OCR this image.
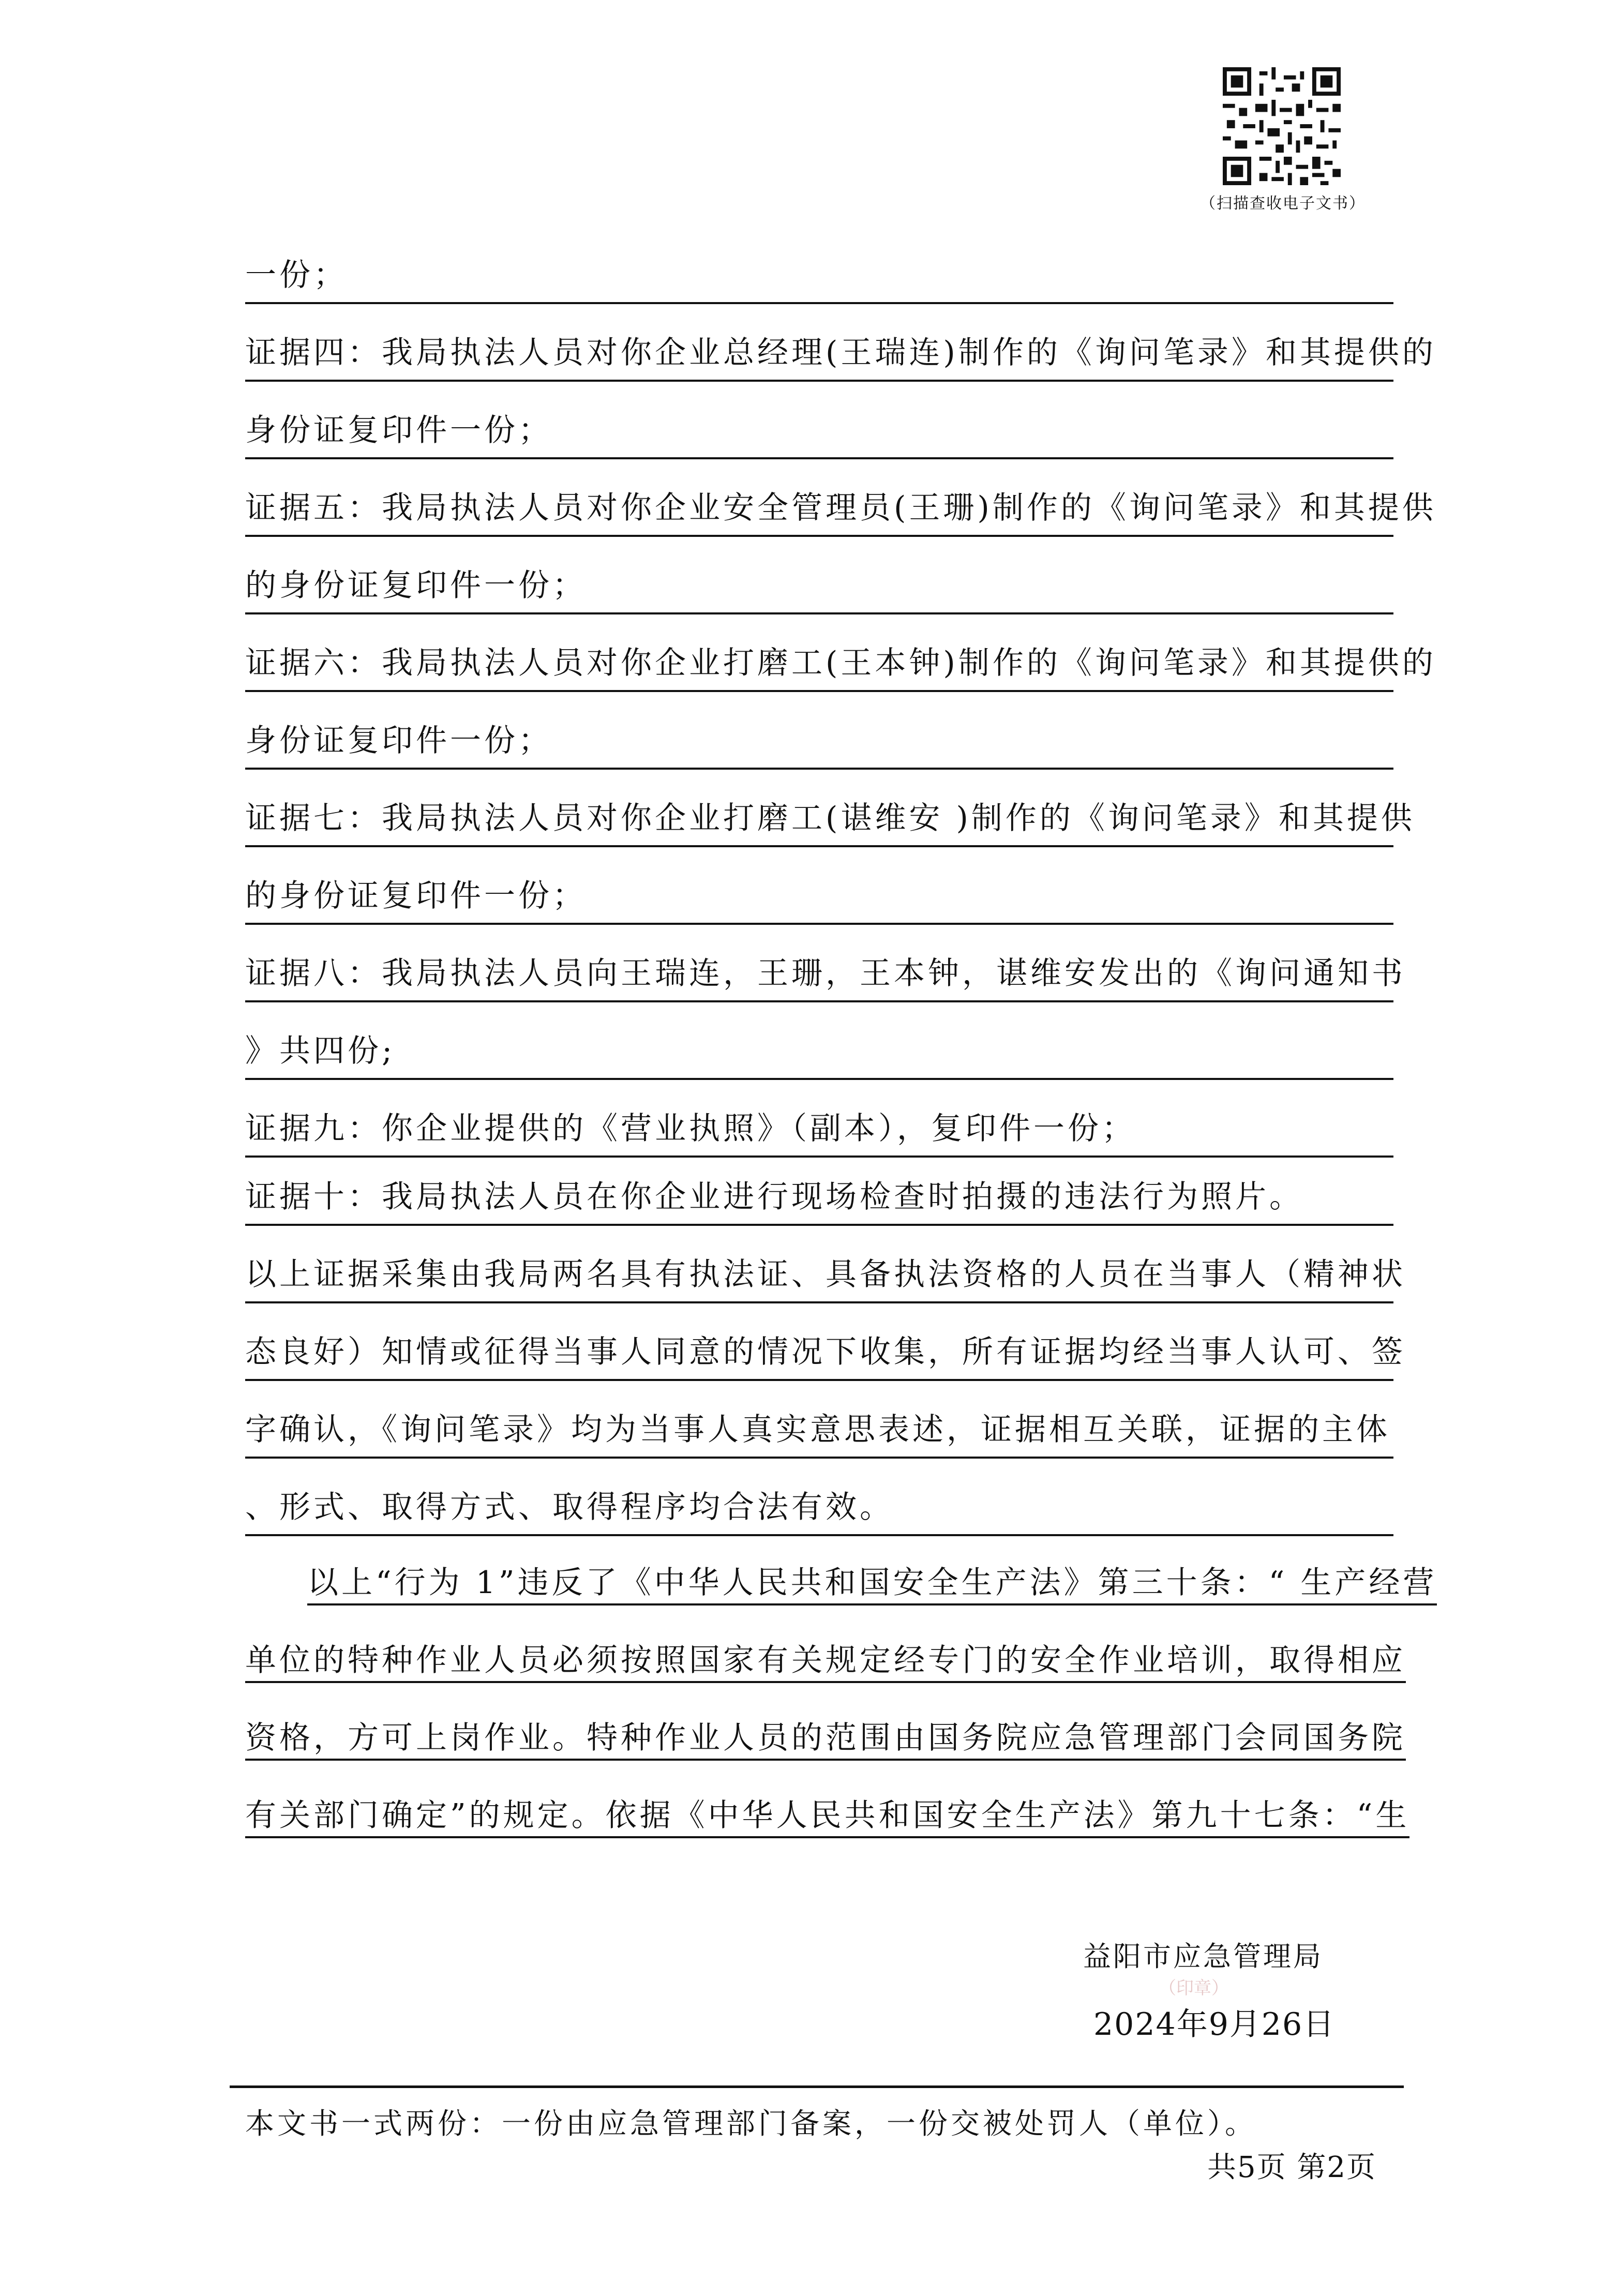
（扫描查收电子文书）
一份；
证据四：我局执法人员对你企业总经理(王瑞连)制作的《询问笔录》和其提供的
身份证复印件一份；
证据五：我局执法人员对你企业安全管理员(王珊)制作的《询问笔录》和其提供
的身份证复印件一份；
证据六：我局执法人员对你企业打磨工(王本钟)制作的《询问笔录》和其提供的
身份证复印件一份；
证据七：我局执法人员对你企业打磨工(谌维安 )制作的《询问笔录》和其提供
的身份证复印件一份；
证据八：我局执法人员向王瑞连，王珊，王本钟，谌维安发出的《询问通知书
》共四份;
证据九：你企业提供的《营业执照》（副本），复印件一份；
证据十：我局执法人员在你企业进行现场检查时拍摄的违法行为照片。
以上证据采集由我局两名具有执法证、具备执法资格的人员在当事人（精神状
态良好）知情或征得当事人同意的情况下收集，所有证据均经当事人认可、签
字确认，《询问笔录》均为当事人真实意思表述，证据相互关联，证据的主体
、形式、取得方式、取得程序均合法有效。
以上“行为 1”违反了《中华人民共和国安全生产法》第三十条：“ 生产经营
单位的特种作业人员必须按照国家有关规定经专门的安全作业培训，取得相应
资格，方可上岗作业。特种作业人员的范围由国务院应急管理部门会同国务院
有关部门确定”的规定。依据《中华人民共和国安全生产法》第九十七条：“生
益阳市应急管理局
（印章）
2024年9月26日
本文书一式两份：一份由应急管理部门备案，一份交被处罚人（单位）。
共5页 第2页
